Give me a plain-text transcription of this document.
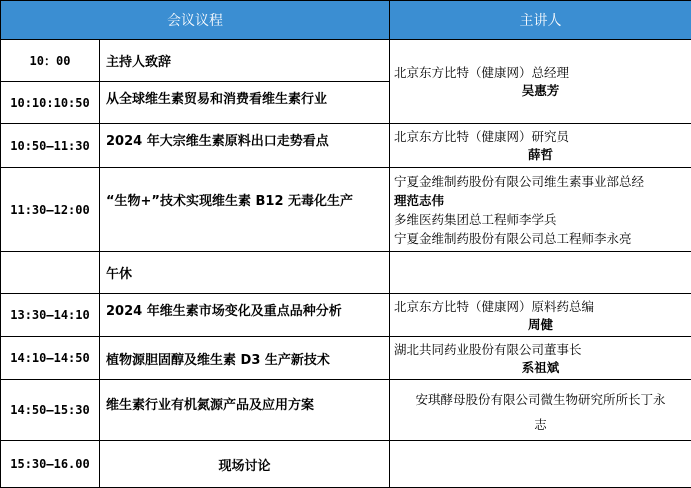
会议议程		主讲人
10：00	主持人致辞	北京东方比特（健康网）总经理
吴惠芳

10:10:10:50	从全球维生素贸易和消费看维生素行业	
10:50–11:30	2024 年大宗维生素原料出口走势看点	北京东方比特（健康网）研究员
薛哲

11:30–12:00	“生物+”技术实现维生素 B12 无毒化生产	宁夏金维制药股份有限公司维生素事业部总经
理范志伟
多维医药集团总工程师李学兵
宁夏金维制药股份有限公司总工程师李永亮

	午休	
13:30–14:10	2024 年维生素市场变化及重点品种分析	北京东方比特（健康网）原料药总编
周健

14:10–14:50	植物源胆固醇及维生素 D3 生产新技术	湖北共同药业股份有限公司董事长
系祖斌

14:50–15:30	维生素行业有机氮源产品及应用方案	安琪酵母股份有限公司微生物研究所所长丁永
志

15:30–16.00	现场讨论	
